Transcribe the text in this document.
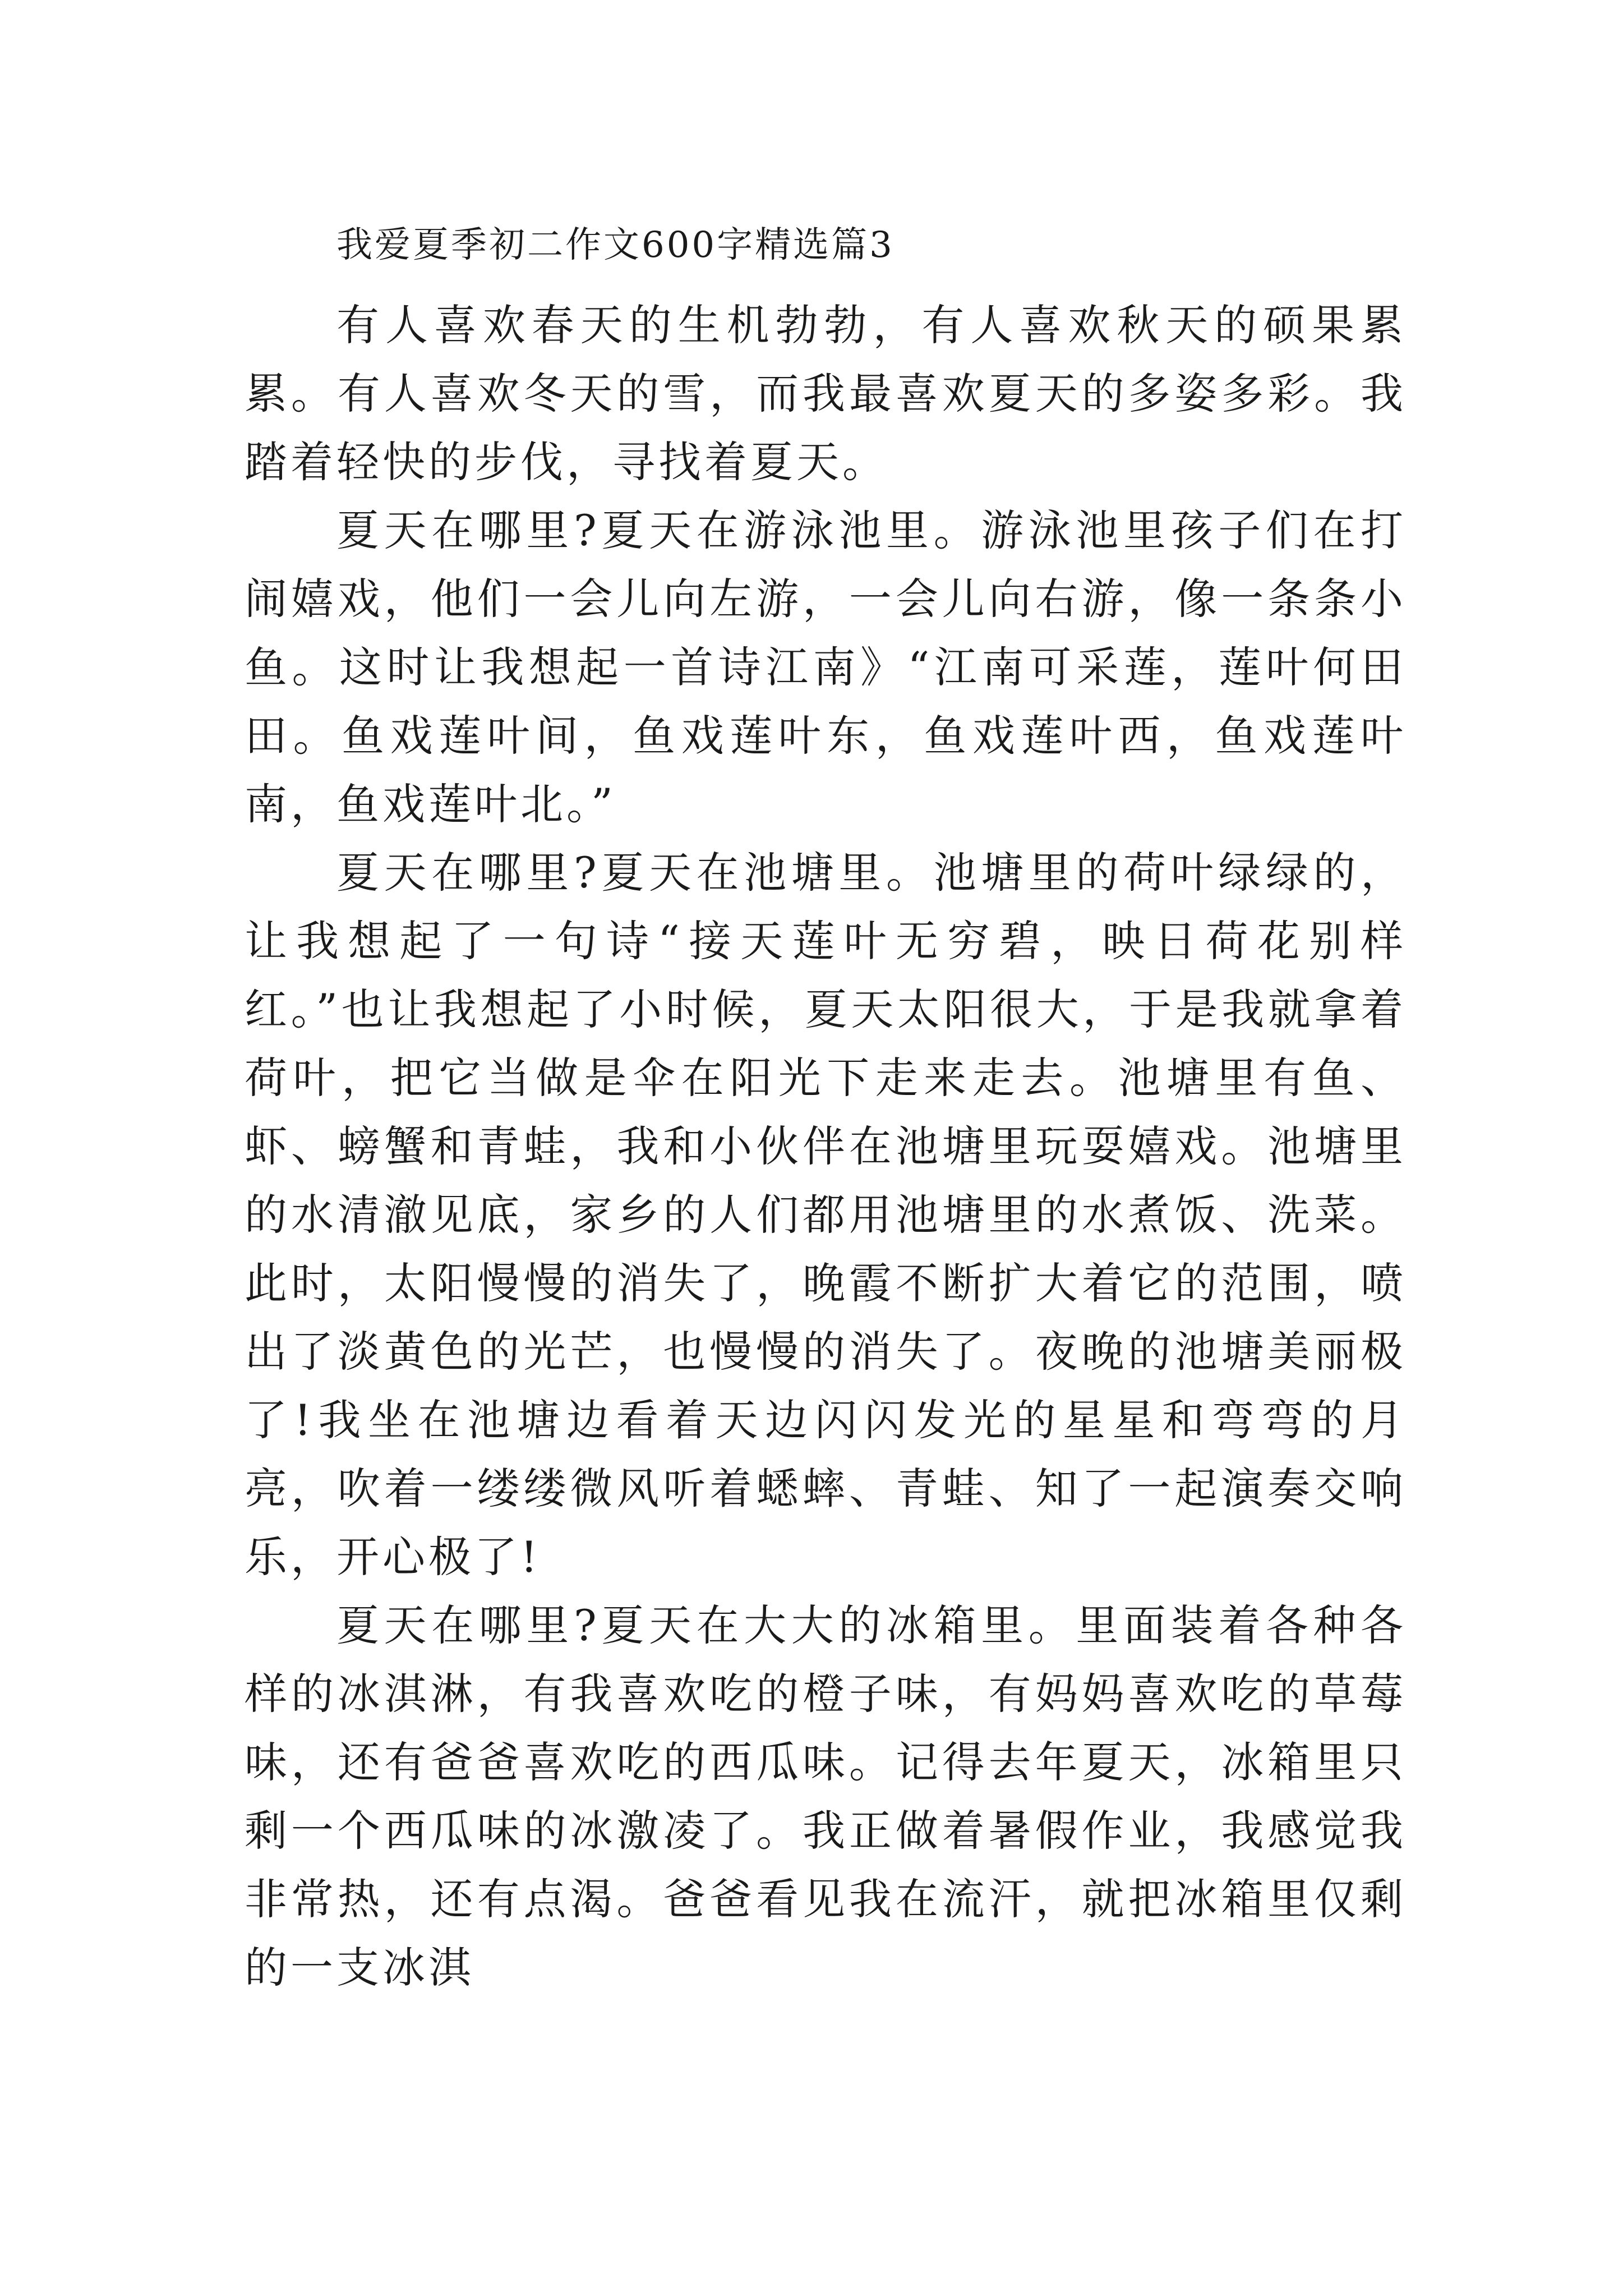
我爱夏季初二作文600字精选篇3

有人喜欢春天的生机勃勃，有人喜欢秋天的硕果累累。有人喜欢冬天的雪，而我最喜欢夏天的多姿多彩。我踏着轻快的步伐，寻找着夏天。

夏天在哪里?夏天在游泳池里。游泳池里孩子们在打闹嬉戏，他们一会儿向左游，一会儿向右游，像一条条小鱼。这时让我想起一首诗江南》“江南可采莲，莲叶何田田。鱼戏莲叶间，鱼戏莲叶东，鱼戏莲叶西，鱼戏莲叶南，鱼戏莲叶北。”

夏天在哪里?夏天在池塘里。池塘里的荷叶绿绿的，让我想起了一句诗“接天莲叶无穷碧，映日荷花别样红。”也让我想起了小时候，夏天太阳很大，于是我就拿着荷叶，把它当做是伞在阳光下走来走去。池塘里有鱼、虾、螃蟹和青蛙，我和小伙伴在池塘里玩耍嬉戏。池塘里的水清澈见底，家乡的人们都用池塘里的水煮饭、洗菜。此时，太阳慢慢的消失了，晚霞不断扩大着它的范围，喷出了淡黄色的光芒，也慢慢的消失了。夜晚的池塘美丽极了!我坐在池塘边看着天边闪闪发光的星星和弯弯的月亮，吹着一缕缕微风听着蟋蟀、青蛙、知了一起演奏交响乐，开心极了!

夏天在哪里?夏天在大大的冰箱里。里面装着各种各样的冰淇淋，有我喜欢吃的橙子味，有妈妈喜欢吃的草莓味，还有爸爸喜欢吃的西瓜味。记得去年夏天，冰箱里只剩一个西瓜味的冰激凌了。我正做着暑假作业，我感觉我非常热，还有点渴。爸爸看见我在流汗，就把冰箱里仅剩的一支冰淇
